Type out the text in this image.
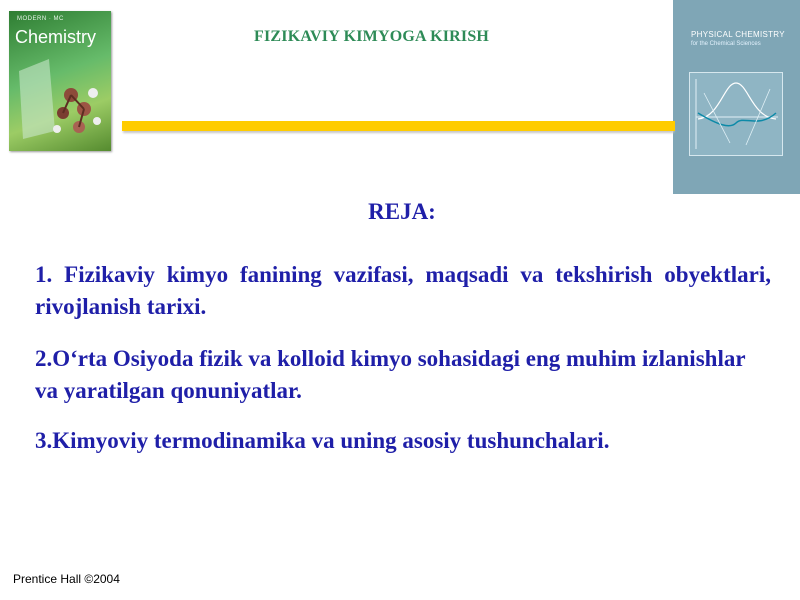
MODERN · MC
Chemistry	PHYSICAL CHEMISTRY
for the Chemical Sciences
FIZIKAVIY KIMYOGA KIRISH
REJA:
1. Fizikaviy kimyo fanining vazifasi, maqsadi va tekshirish obyektlari, rivojlanish tarixi.
2.O‘rta Osiyoda fizik va kolloid kimyo sohasidagi eng muhim izlanishlar va yaratilgan qonuniyatlar.
3.Kimyoviy termodinamika va uning asosiy tushunchalari.
Prentice Hall ©2004
